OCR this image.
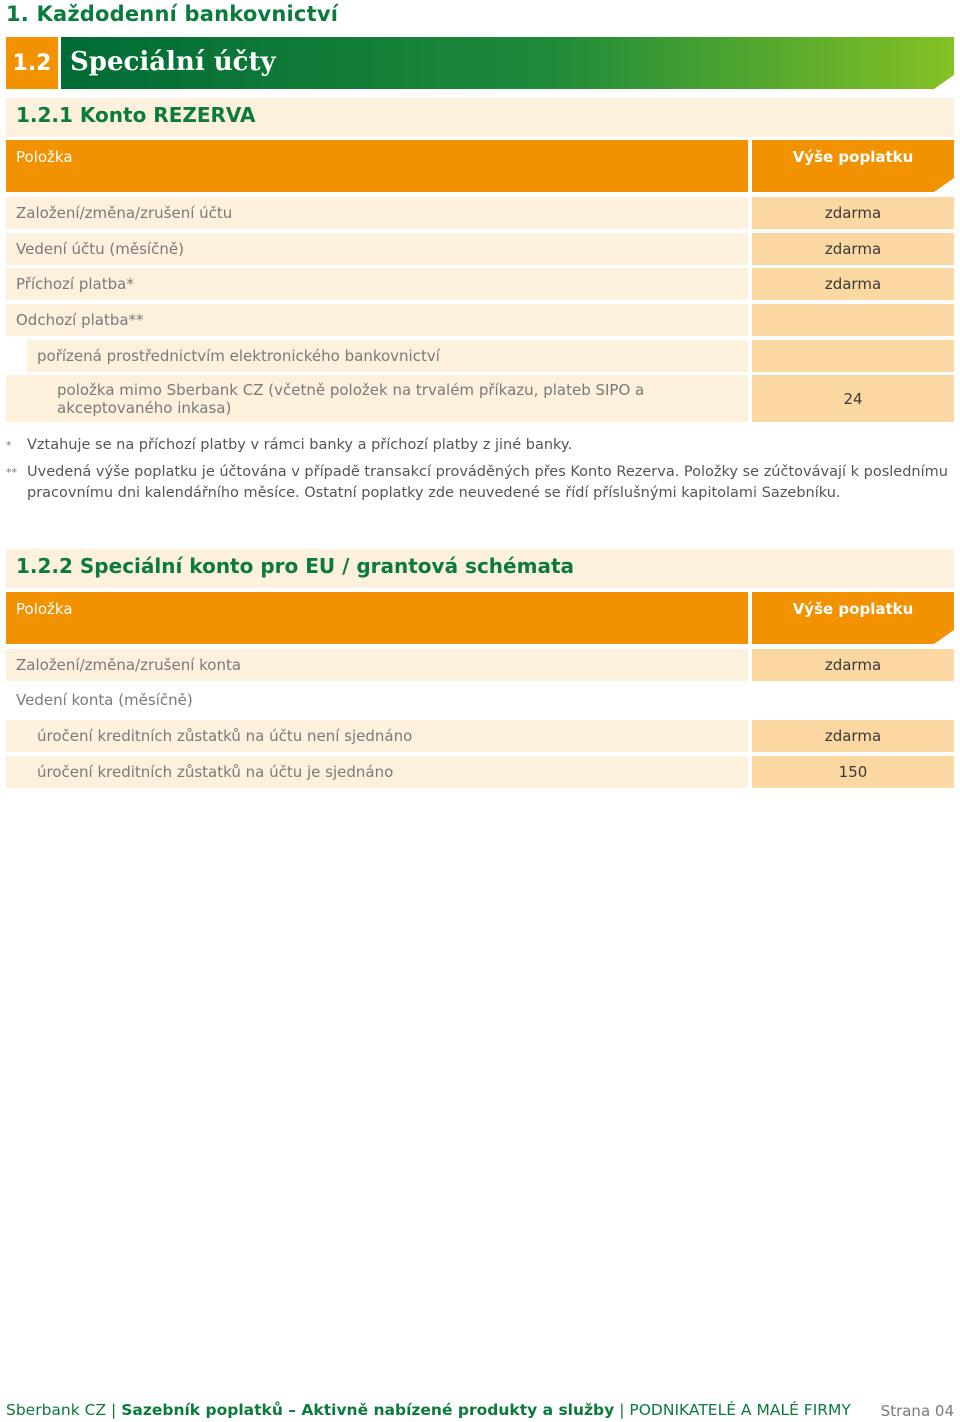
1. Každodenní bankovnictví
1.2 Speciální účty
1.2.1 Konto REZERVA
Položka	Výše poplatku
Založení/změna/zrušení účtu	zdarma
Vedení účtu (měsíčně)	zdarma
Příchozí platba*	zdarma
Odchozí platba**
pořízená prostřednictvím elektronického bankovnictví
položka mimo Sberbank CZ (včetně položek na trvalém příkazu, plateb SIPO a akceptovaného inkasa)	24
* Vztahuje se na příchozí platby v rámci banky a příchozí platby z jiné banky.
** Uvedená výše poplatku je účtována v případě transakcí prováděných přes Konto Rezerva. Položky se zúčtovávají k poslednímu pracovnímu dni kalendářního měsíce. Ostatní poplatky zde neuvedené se řídí příslušnými kapitolami Sazebníku.
1.2.2 Speciální konto pro EU / grantová schémata
Položka	Výše poplatku
Založení/změna/zrušení konta	zdarma
Vedení konta (měsíčně)
úročení kreditních zůstatků na účtu není sjednáno	zdarma
úročení kreditních zůstatků na účtu je sjednáno	150
Sberbank CZ | Sazebník poplatků – Aktivně nabízené produkty a služby | PODNIKATELÉ A MALÉ FIRMY Strana 04
